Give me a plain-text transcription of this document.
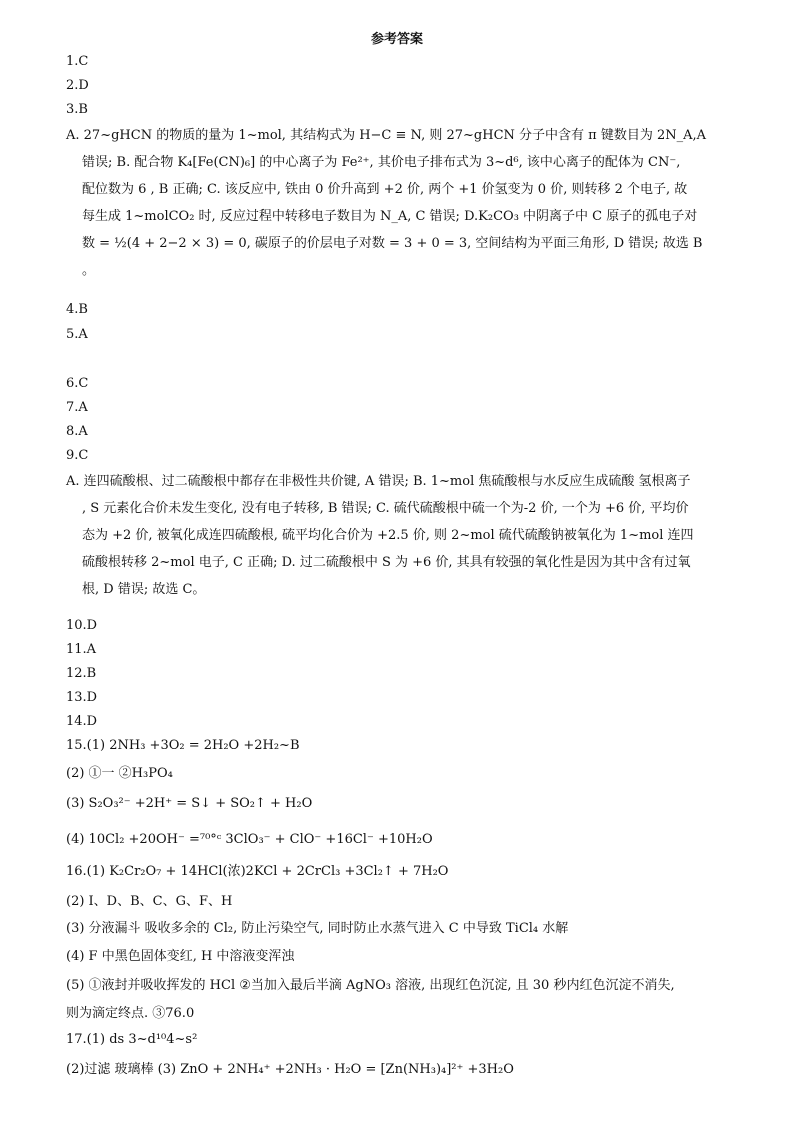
参考答案
1.C
2.D
3.B
A. 27~gHCN 的物质的量为 1~mol, 其结构式为 H−C ≡ N, 则 27~gHCN 分子中含有 π 键数目为 2N_A,A
错误; B. 配合物 K₄[Fe(CN)₆] 的中心离子为 Fe²⁺, 其价电子排布式为 3~d⁶, 该中心离子的配体为 CN⁻,
配位数为 6 , B 正确; C. 该反应中, 铁由 0 价升高到 +2 价, 两个 +1 价氢变为 0 价, 则转移 2 个电子, 故
每生成 1~molCO₂ 时, 反应过程中转移电子数目为 N_A, C 错误; D.K₂CO₃ 中阴离子中 C 原子的孤电子对
数 = ½(4 + 2−2 × 3) = 0, 碳原子的价层电子对数 = 3 + 0 = 3, 空间结构为平面三角形, D 错误; 故选 B
。
4.B
5.A
6.C
7.A
8.A
9.C
A. 连四硫酸根、过二硫酸根中都存在非极性共价键, A 错误; B. 1~mol 焦硫酸根与水反应生成硫酸 氢根离子
, S 元素化合价未发生变化, 没有电子转移, B 错误; C. 硫代硫酸根中硫一个为-2 价, 一个为 +6 价, 平均价
态为 +2 价, 被氧化成连四硫酸根, 硫平均化合价为 +2.5 价, 则 2~mol 硫代硫酸钠被氧化为 1~mol 连四
硫酸根转移 2~mol 电子, C 正确; D. 过二硫酸根中 S 为 +6 价, 其具有较强的氧化性是因为其中含有过氧
根, D 错误; 故选 C。
10.D
11.A
12.B
13.D
14.D
15.(1) 2NH₃ +3O₂ = 2H₂O +2H₂~B
(2) ①一 ②H₃PO₄
(3) S₂O₃²⁻ +2H⁺ = S↓ + SO₂↑ + H₂O
(4) 10Cl₂ +20OH⁻ =⁷⁰°ᶜ 3ClO₃⁻ + ClO⁻ +16Cl⁻ +10H₂O
16.(1) K₂Cr₂O₇ + 14HCl(浓)2KCl + 2CrCl₃ +3Cl₂↑ + 7H₂O
(2) I、D、B、C、G、F、H
(3) 分液漏斗 吸收多余的 Cl₂, 防止污染空气, 同时防止水蒸气进入 C 中导致 TiCl₄ 水解
(4) F 中黑色固体变红, H 中溶液变浑浊
(5) ①液封并吸收挥发的 HCl ②当加入最后半滴 AgNO₃ 溶液, 出现红色沉淀, 且 30 秒内红色沉淀不消失,
则为滴定终点. ③76.0
17.(1) ds 3~d¹⁰4~s²
(2)过滤 玻璃棒 (3) ZnO + 2NH₄⁺ +2NH₃ · H₂O = [Zn(NH₃)₄]²⁺ +3H₂O
